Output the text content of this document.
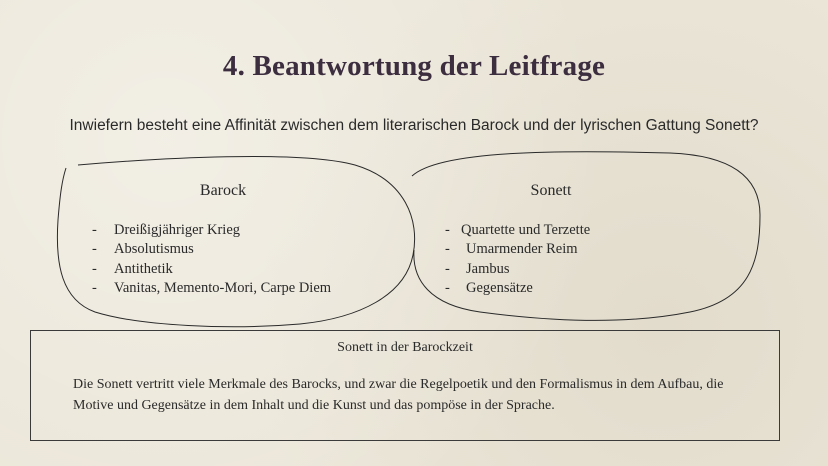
4. Beantwortung der Leitfrage
Inwiefern besteht eine Affinität zwischen dem literarischen Barock und der lyrischen Gattung Sonett?
Barock
- Dreißigjähriger Krieg
- Absolutismus
- Antithetik
- Vanitas, Memento-Mori, Carpe Diem
Sonett
- Quartette und Terzette
- Umarmender Reim
- Jambus
- Gegensätze
Sonett in der Barockzeit
Die Sonett vertritt viele Merkmale des Barocks, und zwar die Regelpoetik und den Formalismus in dem Aufbau, die Motive und Gegensätze in dem Inhalt und die Kunst und das pompöse in der Sprache.
